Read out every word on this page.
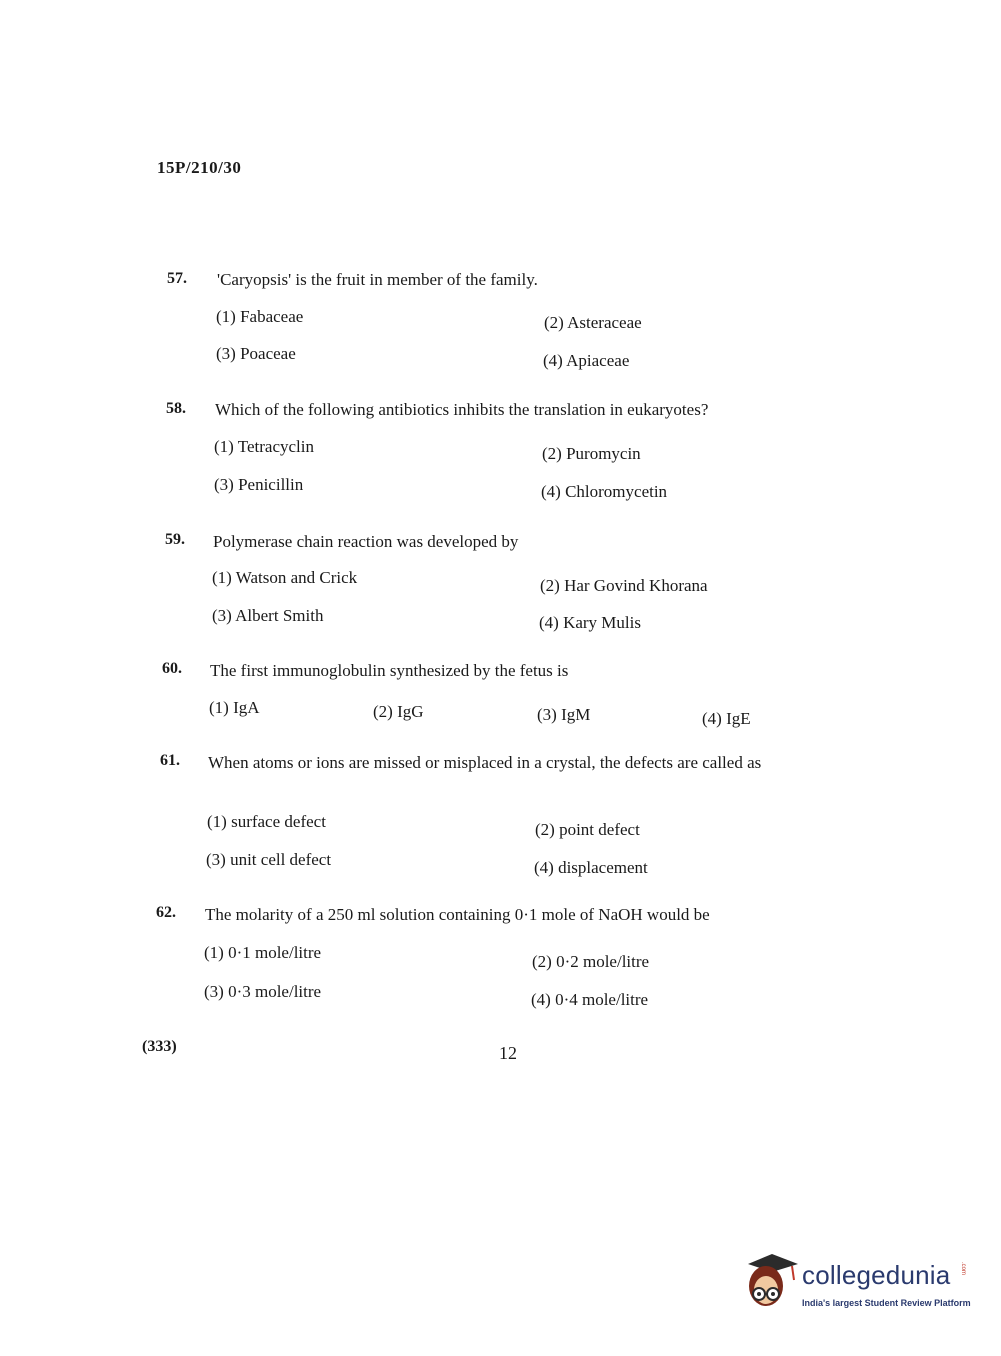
15P/210/30
57. 'Caryopsis' is the fruit in member of the family.
(1) Fabaceae	(2) Asteraceae
(3) Poaceae	(4) Apiaceae
58. Which of the following antibiotics inhibits the translation in eukaryotes?
(1) Tetracyclin	(2) Puromycin
(3) Penicillin	(4) Chloromycetin
59. Polymerase chain reaction was developed by
(1) Watson and Crick	(2) Har Govind Khorana
(3) Albert Smith	(4) Kary Mulis
60. The first immunoglobulin synthesized by the fetus is
(1) IgA	(2) IgG	(3) IgM	(4) IgE
61. When atoms or ions are missed or misplaced in a crystal, the defects are called as
(1) surface defect	(2) point defect
(3) unit cell defect	(4) displacement
62. The molarity of a 250 ml solution containing 0·1 mole of NaOH would be
(1) 0·1 mole/litre	(2) 0·2 mole/litre
(3) 0·3 mole/litre	(4) 0·4 mole/litre
(333)	12
collegedunia .com
India's largest Student Review Platform
